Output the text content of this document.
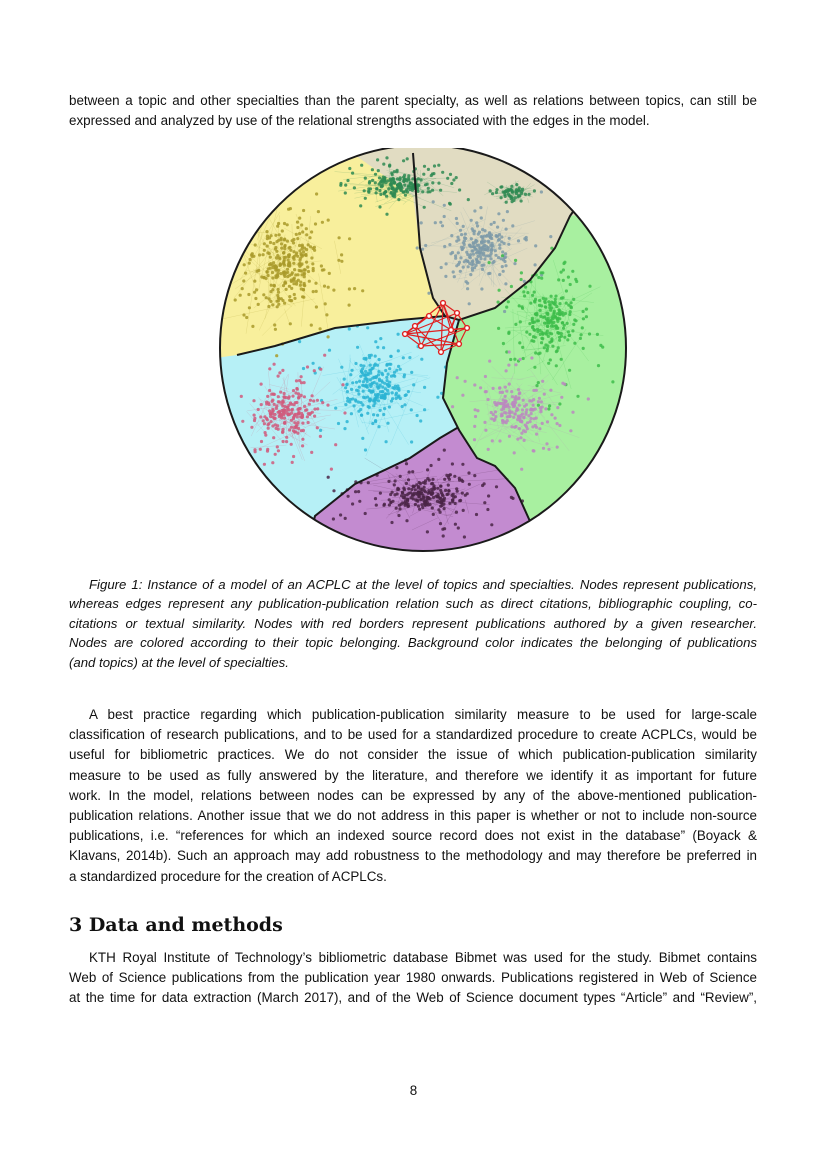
between a topic and other specialties than the parent specialty, as well as relations between topics, can still be
expressed and analyzed by use of the relational strengths associated with the edges in the model.
Figure 1: Instance of a model of an ACPLC at the level of topics and specialties. Nodes represent publications,
whereas edges represent any publication-publication relation such as direct citations, bibliographic coupling, co-
citations or textual similarity. Nodes with red borders represent publications authored by a given researcher.
Nodes are colored according to their topic belonging. Background color indicates the belonging of publications
(and topics) at the level of specialties.
A best practice regarding which publication-publication similarity measure to be used for large-scale
classification of research publications, and to be used for a standardized procedure to create ACPLCs, would be
useful for bibliometric practices. We do not consider the issue of which publication-publication similarity
measure to be used as fully answered by the literature, and therefore we identify it as important for future
work. In the model, relations between nodes can be expressed by any of the above-mentioned publication-
publication relations. Another issue that we do not address in this paper is whether or not to include non-source
publications, i.e. “references for which an indexed source record does not exist in the database” (Boyack &
Klavans, 2014b). Such an approach may add robustness to the methodology and may therefore be preferred in
a standardized procedure for the creation of ACPLCs.
3 Data and methods
KTH Royal Institute of Technology’s bibliometric database Bibmet was used for the study. Bibmet contains
Web of Science publications from the publication year 1980 onwards. Publications registered in Web of Science
at the time for data extraction (March 2017), and of the Web of Science document types “Article” and “Review”,
8
